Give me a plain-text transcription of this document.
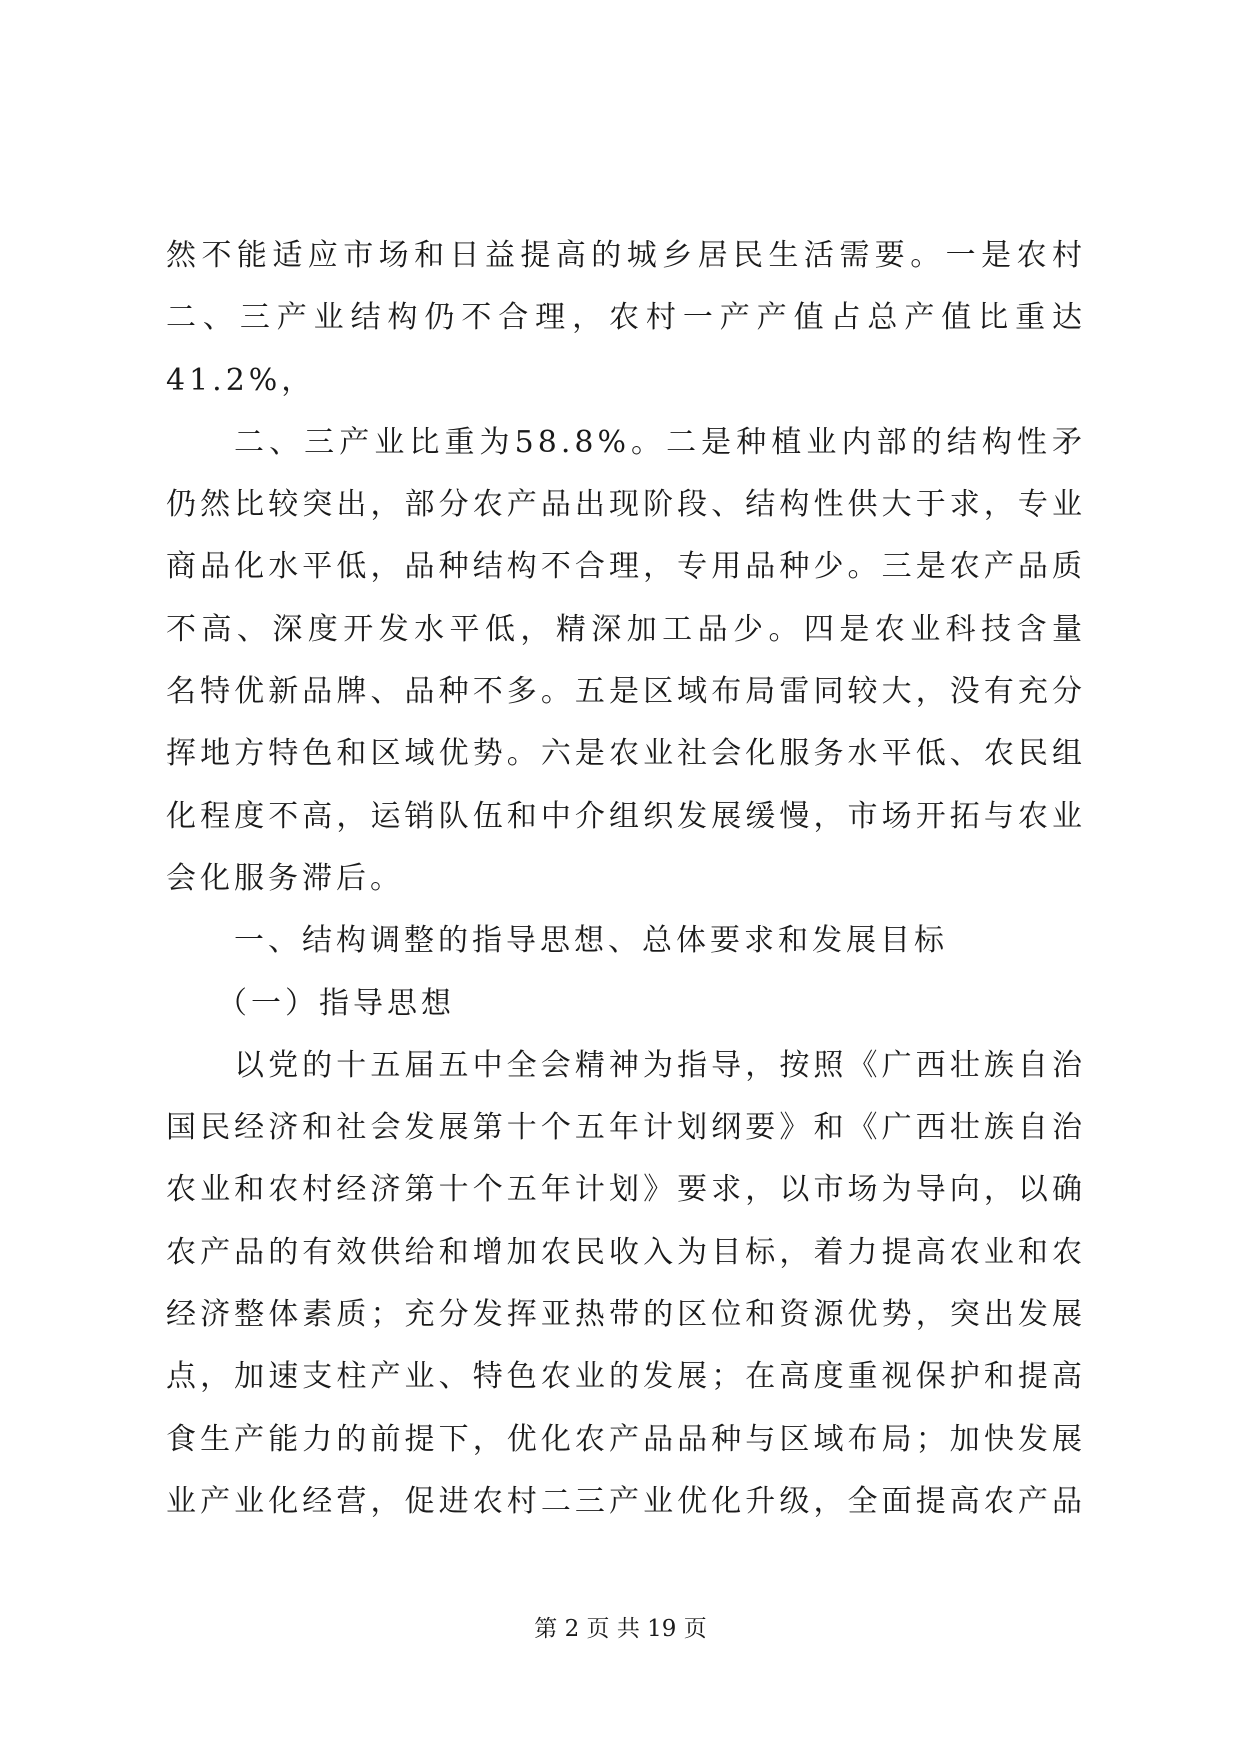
然不能适应市场和日益提高的城乡居民生活需要。一是农村
二、三产业结构仍不合理，农村一产产值占总产值比重达
41.2%，
二、三产业比重为58.8%。二是种植业内部的结构性矛
仍然比较突出，部分农产品出现阶段、结构性供大于求，专业
商品化水平低，品种结构不合理，专用品种少。三是农产品质
不高、深度开发水平低，精深加工品少。四是农业科技含量
名特优新品牌、品种不多。五是区域布局雷同较大，没有充分
挥地方特色和区域优势。六是农业社会化服务水平低、农民组
化程度不高，运销队伍和中介组织发展缓慢，市场开拓与农业
会化服务滞后。
一、结构调整的指导思想、总体要求和发展目标
（一）指导思想
以党的十五届五中全会精神为指导，按照《广西壮族自治
国民经济和社会发展第十个五年计划纲要》和《广西壮族自治
农业和农村经济第十个五年计划》要求，以市场为导向，以确
农产品的有效供给和增加农民收入为目标，着力提高农业和农
经济整体素质；充分发挥亚热带的区位和资源优势，突出发展
点，加速支柱产业、特色农业的发展；在高度重视保护和提高
食生产能力的前提下，优化农产品品种与区域布局；加快发展
业产业化经营，促进农村二三产业优化升级，全面提高农产品
第 2 页 共 19 页
